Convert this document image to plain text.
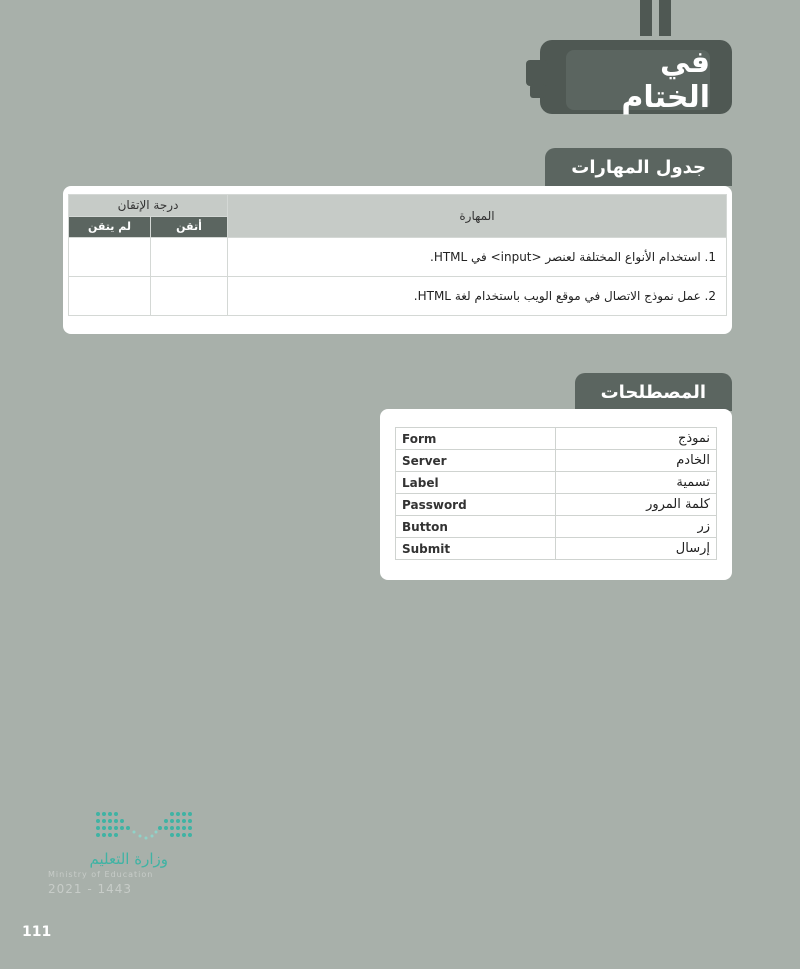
في الختام
جدول المهارات
المهارة	درجة الإتقان	
	أتقن	لم يتقن
1. استخدام الأنواع المختلفة لعنصر <input> في HTML.		
2. عمل نموذج الاتصال في موقع الويب باستخدام لغة HTML.		

المصطلحات
Form	نموذج
Server	الخادم
Label	تسمية
Password	كلمة المرور
Button	زر
Submit	إرسال
وزارة التعليم
Ministry of Education
2021 - 1443
111
